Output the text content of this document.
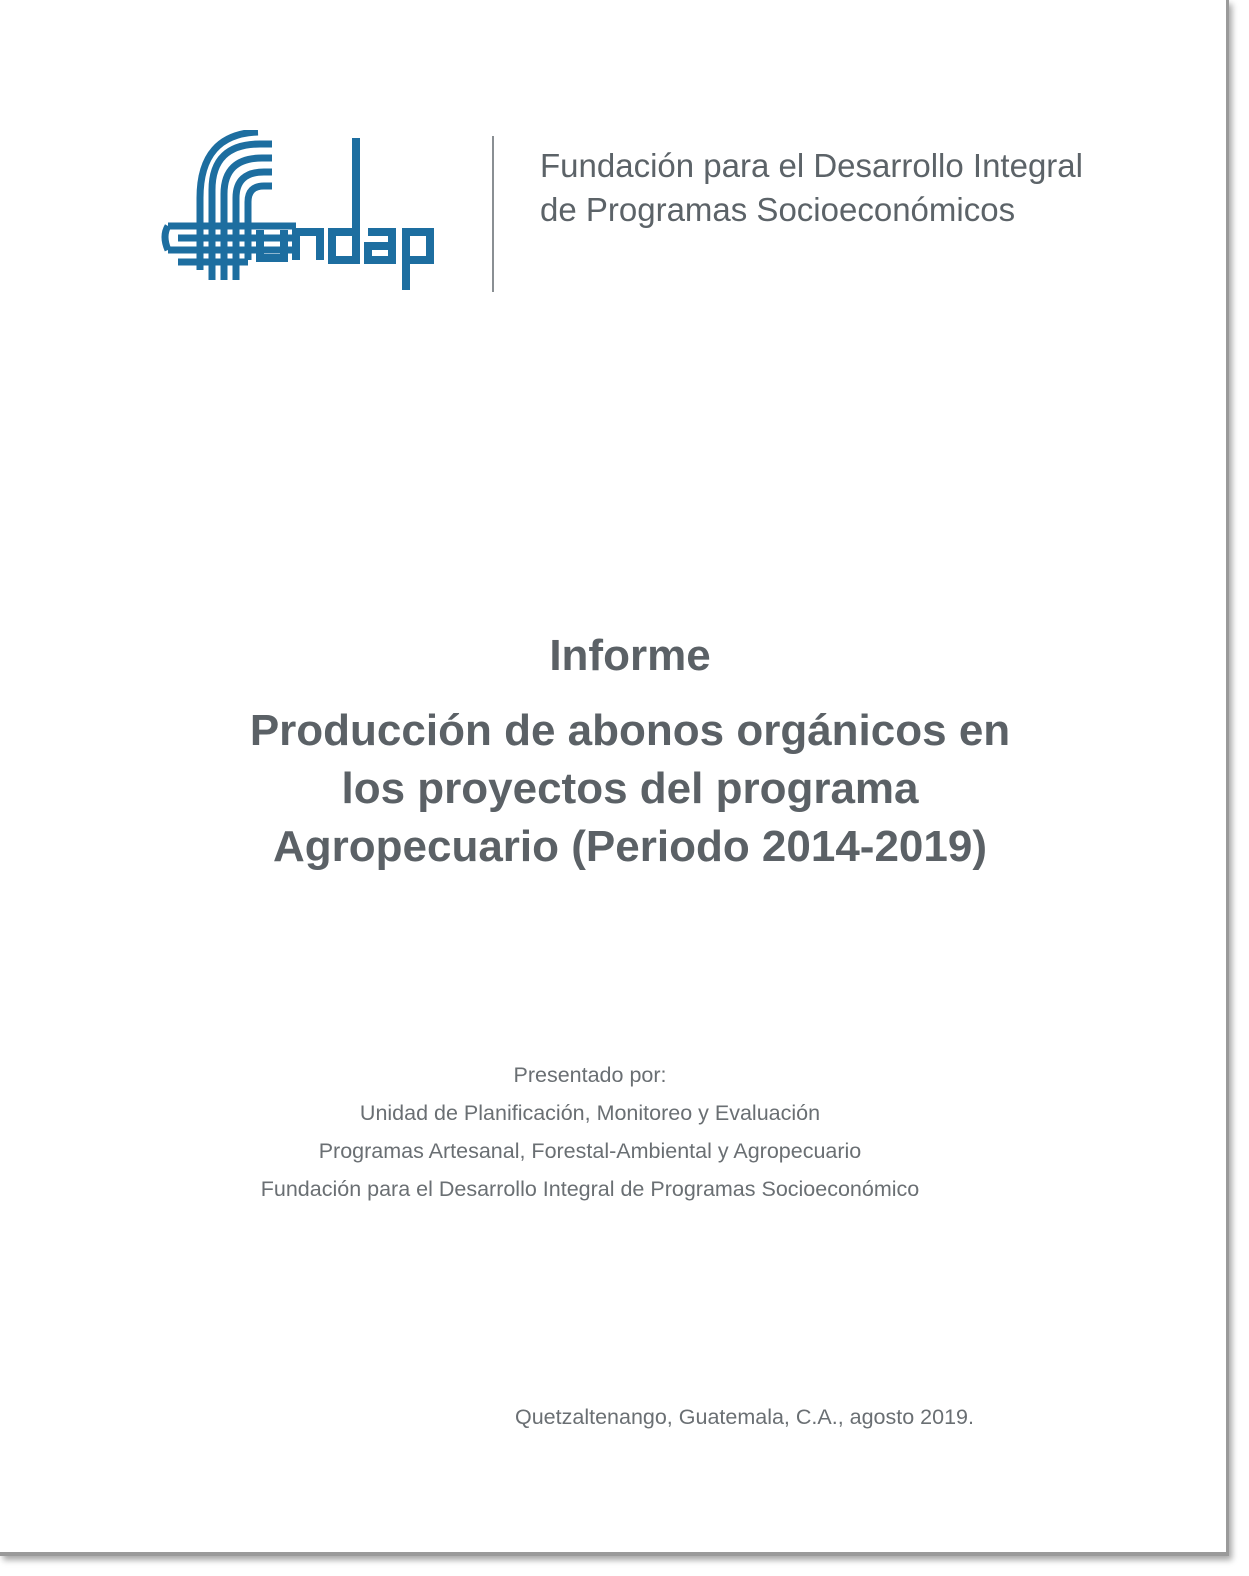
Fundación para el Desarrollo Integral
de Programas Socioeconómicos
Informe
Producción de abonos orgánicos en
los proyectos del programa
Agropecuario (Periodo 2014-2019)
Presentado por:
Unidad de Planificación, Monitoreo y Evaluación
Programas Artesanal, Forestal-Ambiental y Agropecuario
Fundación para el Desarrollo Integral de Programas Socioeconómico
Quetzaltenango, Guatemala, C.A., agosto 2019.
